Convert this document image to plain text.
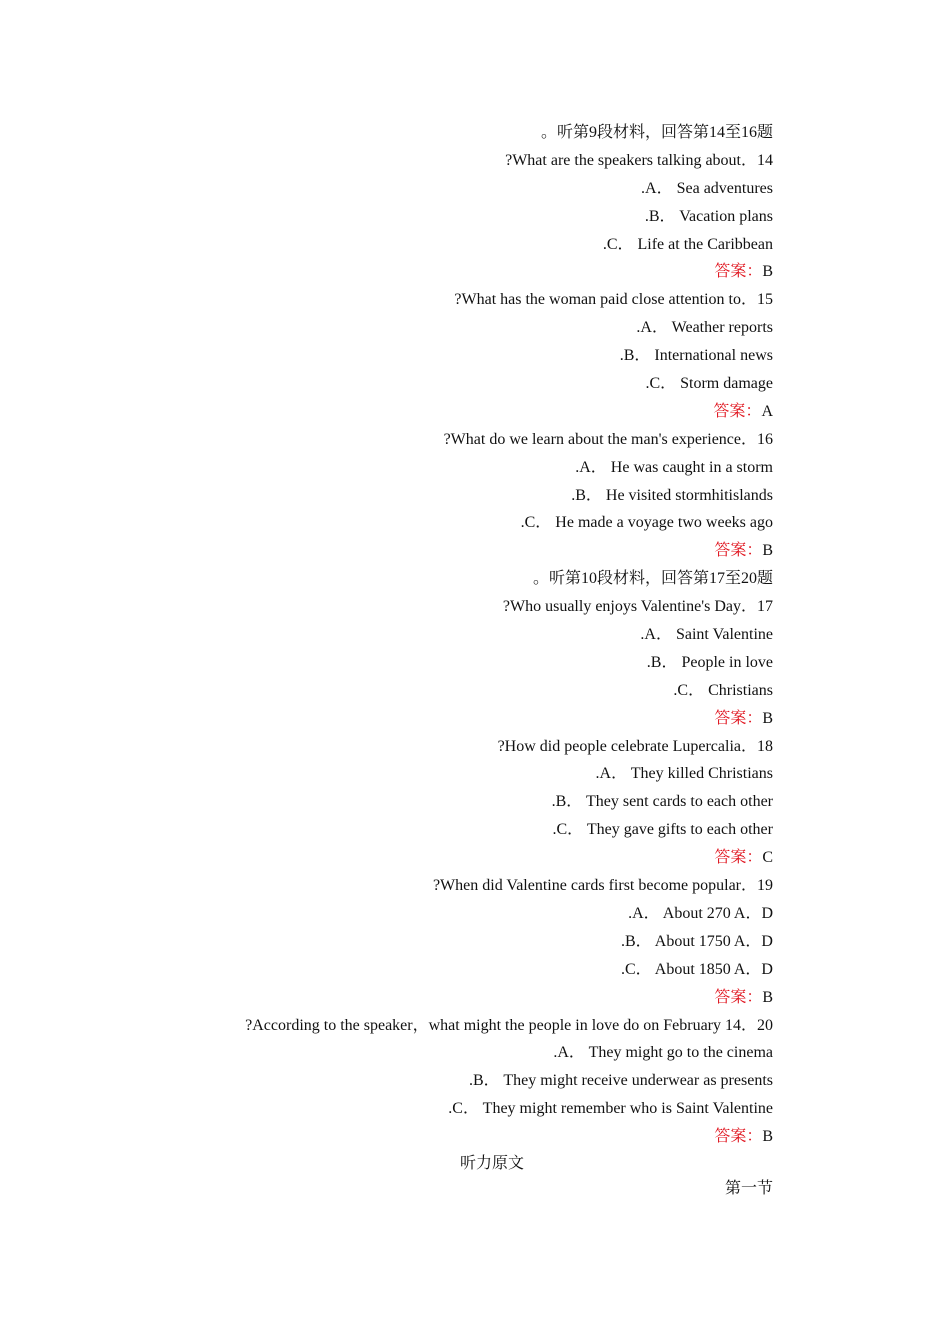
。听第9段材料，回答第14至16题
?What are the speakers talking about．14
.A． Sea adventures
.B． Vacation plans
.C． Life at the Caribbean
答案：B
?What has the woman paid close attention to．15
.A． Weather reports
.B． International news
.C． Storm damage
答案：A
?What do we learn about the man's experience．16
.A． He was caught in a storm
.B． He visited stormhitislands
.C． He made a voyage two weeks ago
答案：B
。听第10段材料，回答第17至20题
?Who usually enjoys Valentine's Day．17
.A． Saint Valentine
.B． People in love
.C． Christians
答案：B
?How did people celebrate Lupercalia．18
.A． They killed Christians
.B． They sent cards to each other
.C． They gave gifts to each other
答案：C
?When did Valentine cards first become popular．19
.A． About 270 A．D
.B． About 1750 A．D
.C． About 1850 A．D
答案：B
?According to the speaker，what might the people in love do on February 14．20
.A． They might go to the cinema
.B． They might receive underwear as presents
.C． They might remember who is Saint Valentine
答案：B
听力原文
第一节
